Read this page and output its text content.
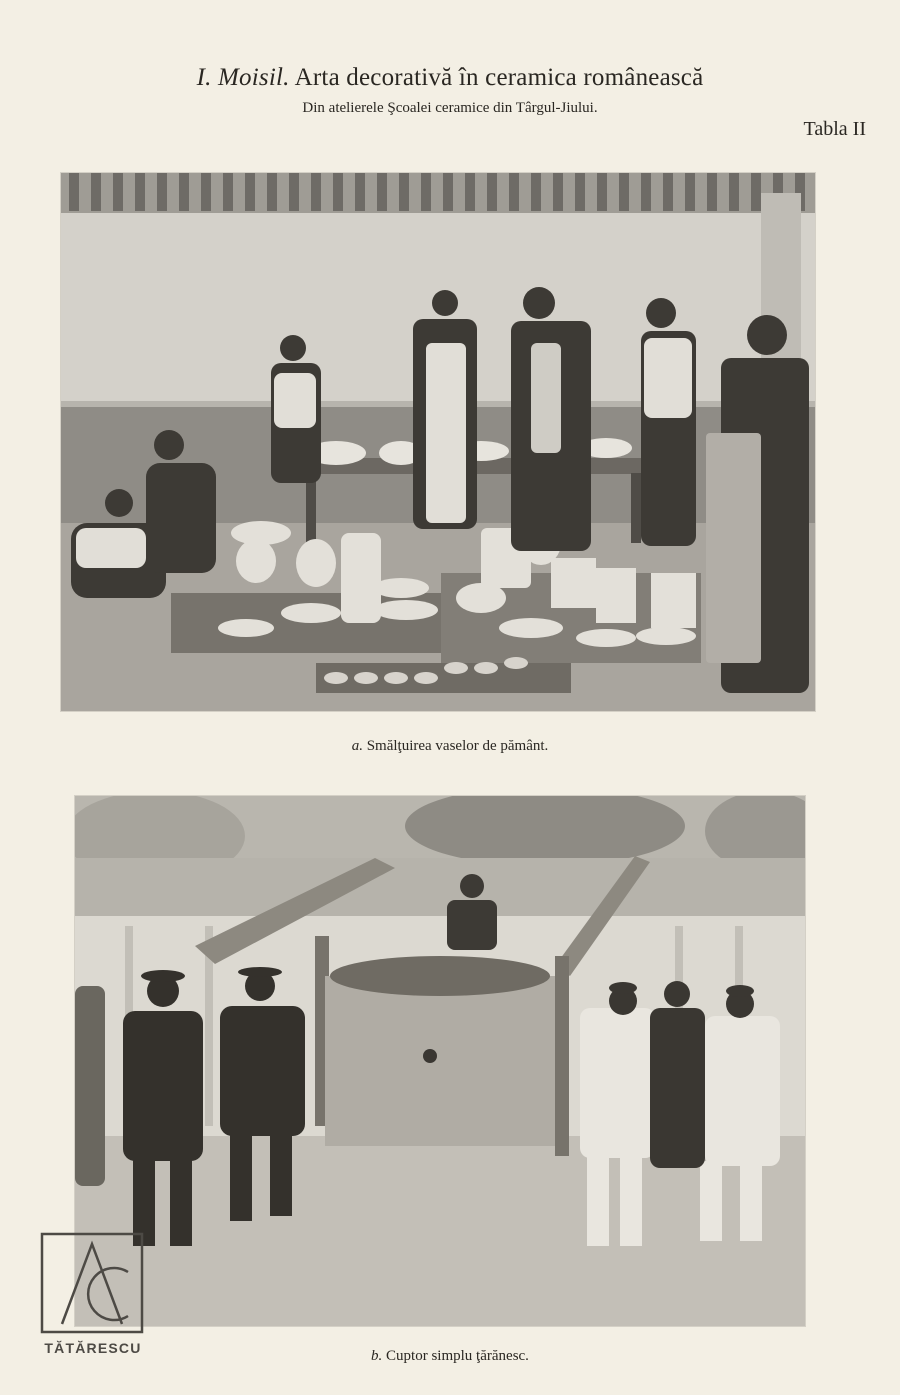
I. Moisil. Arta decorativă în ceramica românească
Din atelierele Şcoalei ceramice din Târgul-Jiului.
Tabla II
a. Smălţuirea vaselor de pământ.
b. Cuptor simplu ţărănesc.
TĂTĂRESCU
